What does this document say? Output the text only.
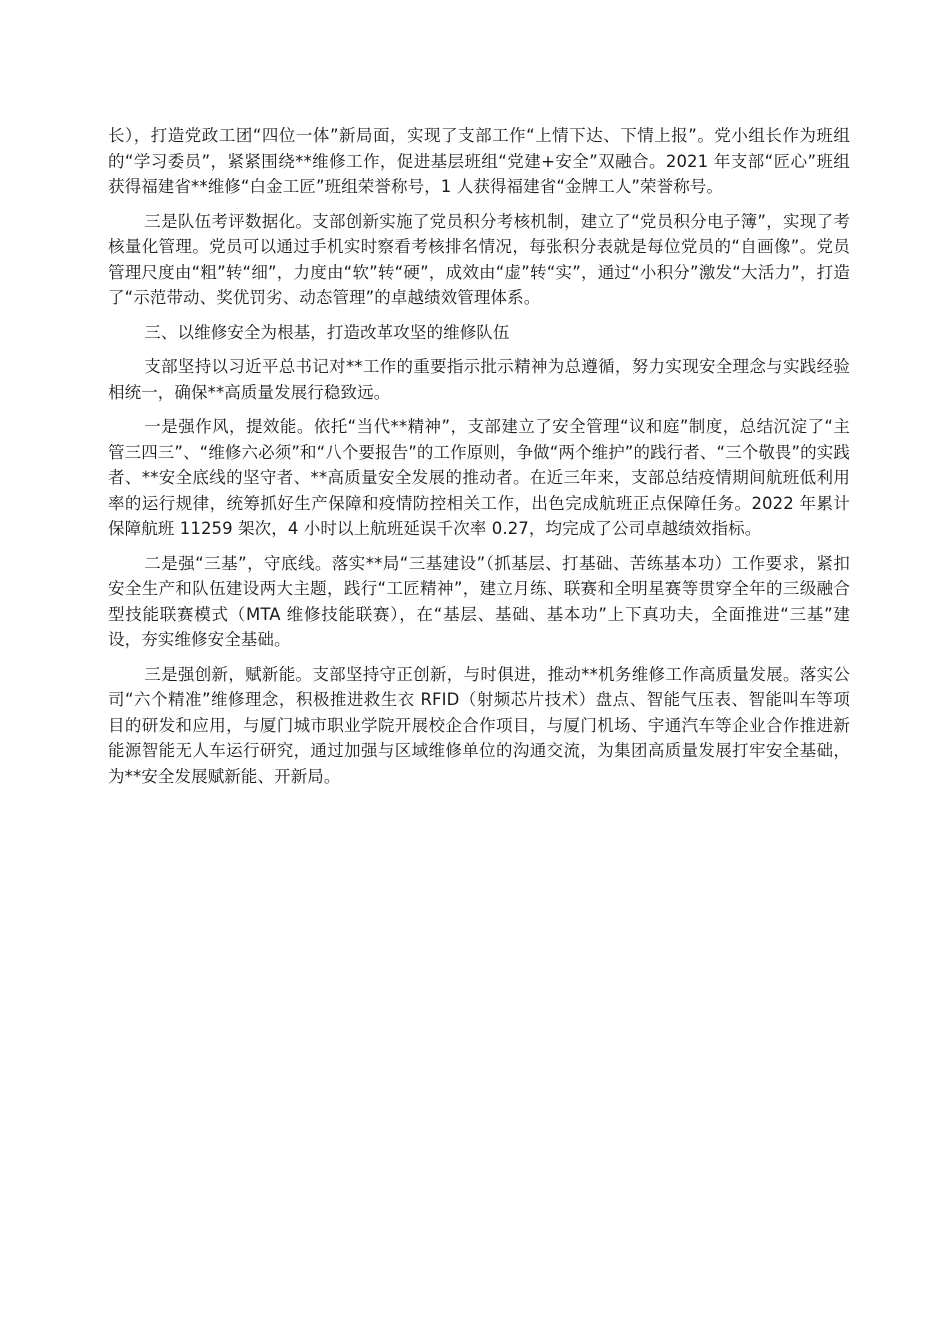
长），打造党政工团“四位一体”新局面，实现了支部工作“上情下达、下情上报”。党小组长作为班组的“学习委员”，紧紧围绕**维修工作，促进基层班组“党建+安全”双融合。2021 年支部“匠心”班组获得福建省**维修“白金工匠”班组荣誉称号，1 人获得福建省“金牌工人”荣誉称号。

三是队伍考评数据化。支部创新实施了党员积分考核机制，建立了“党员积分电子簿”，实现了考核量化管理。党员可以通过手机实时察看考核排名情况，每张积分表就是每位党员的“自画像”。党员管理尺度由“粗”转“细”，力度由“软”转“硬”，成效由“虚”转“实”，通过“小积分”激发“大活力”，打造了“示范带动、奖优罚劣、动态管理”的卓越绩效管理体系。

三、以维修安全为根基，打造改革攻坚的维修队伍

支部坚持以习近平总书记对**工作的重要指示批示精神为总遵循，努力实现安全理念与实践经验相统一，确保**高质量发展行稳致远。

一是强作风，提效能。依托“当代**精神”，支部建立了安全管理“议和庭”制度，总结沉淀了“主管三四三”、“维修六必须”和“八个要报告”的工作原则，争做“两个维护”的践行者、“三个敬畏”的实践者、**安全底线的坚守者、**高质量安全发展的推动者。在近三年来，支部总结疫情期间航班低利用率的运行规律，统筹抓好生产保障和疫情防控相关工作，出色完成航班正点保障任务。2022 年累计保障航班 11259 架次，4 小时以上航班延误千次率 0.27，均完成了公司卓越绩效指标。

二是强“三基”，守底线。落实**局“三基建设”（抓基层、打基础、苦练基本功）工作要求，紧扣安全生产和队伍建设两大主题，践行“工匠精神”，建立月练、联赛和全明星赛等贯穿全年的三级融合型技能联赛模式（MTA 维修技能联赛），在“基层、基础、基本功”上下真功夫，全面推进“三基”建设，夯实维修安全基础。

三是强创新，赋新能。支部坚持守正创新，与时俱进，推动**机务维修工作高质量发展。落实公司“六个精准”维修理念，积极推进救生衣 RFID（射频芯片技术）盘点、智能气压表、智能叫车等项目的研发和应用，与厦门城市职业学院开展校企合作项目，与厦门机场、宇通汽车等企业合作推进新能源智能无人车运行研究，通过加强与区域维修单位的沟通交流，为集团高质量发展打牢安全基础，为**安全发展赋新能、开新局。
